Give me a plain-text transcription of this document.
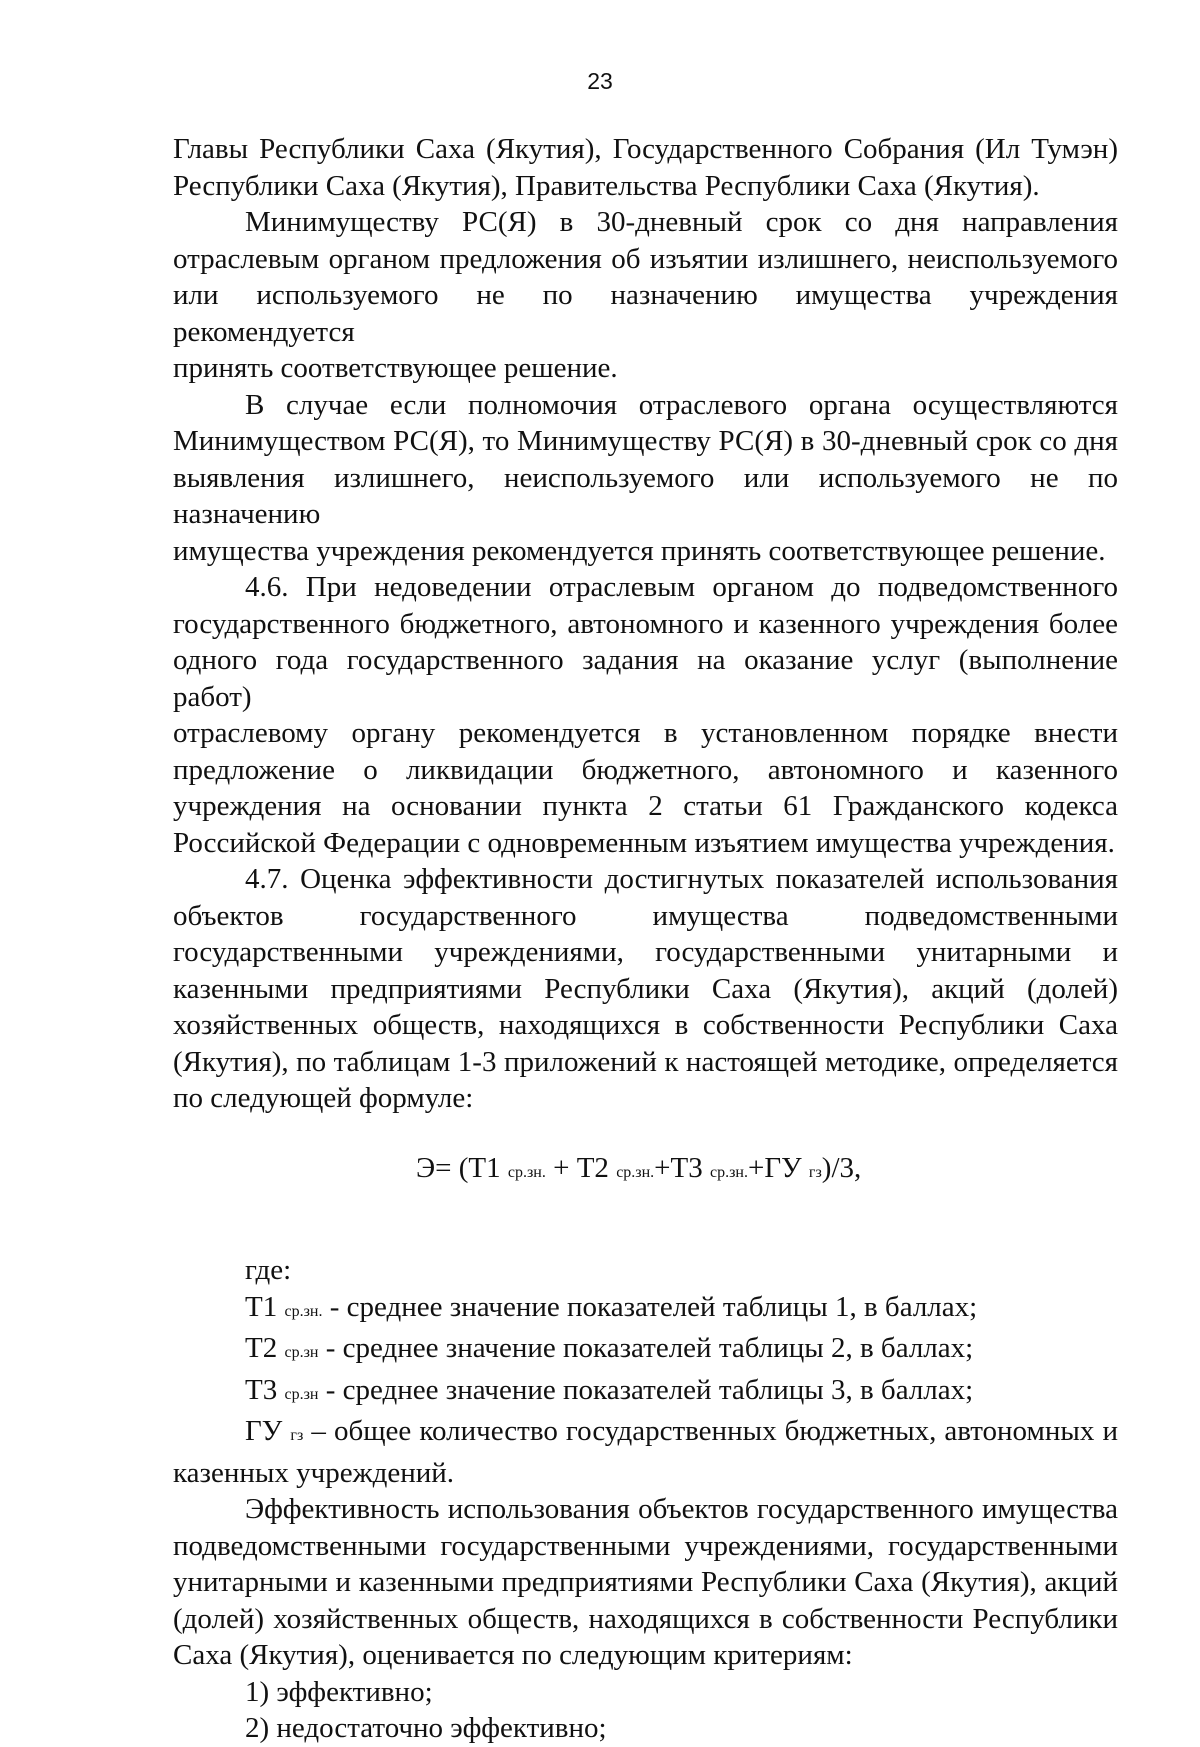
23

Главы Республики Саха (Якутия), Государственного Собрания (Ил Тумэн)

Республики Саха (Якутия), Правительства Республики Саха (Якутия).

Минимуществу РС(Я) в 30-дневный срок со дня направления

отраслевым органом предложения об изъятии излишнего, неиспользуемого

или используемого не по назначению имущества учреждения рекомендуется

принять соответствующее решение.

В случае если полномочия отраслевого органа осуществляются

Минимуществом РС(Я), то Минимуществу РС(Я) в 30-дневный срок со дня

выявления излишнего, неиспользуемого или используемого не по назначению

имущества учреждения рекомендуется принять соответствующее решение.

4.6. При недоведении отраслевым органом до подведомственного

государственного бюджетного, автономного и казенного учреждения более

одного года государственного задания на оказание услуг (выполнение работ)

отраслевому органу рекомендуется в установленном порядке внести

предложение о ликвидации бюджетного, автономного и казенного

учреждения на основании пункта 2 статьи 61 Гражданского кодекса

Российской Федерации с одновременным изъятием имущества учреждения.

4.7. Оценка эффективности достигнутых показателей использования

объектов государственного имущества подведомственными

государственными учреждениями, государственными унитарными и

казенными предприятиями Республики Саха (Якутия), акций (долей)

хозяйственных обществ, находящихся в собственности Республики Саха

(Якутия), по таблицам 1-3 приложений к настоящей методике, определяется

по следующей формуле:

Э= (Т1 ср.зн. + Т2 ср.зн.+Т3 ср.зн.+ГУ гз)/3,

где:

Т1 ср.зн. - среднее значение показателей таблицы 1, в баллах;

Т2 ср.зн - среднее значение показателей таблицы 2, в баллах;

Т3 ср.зн - среднее значение показателей таблицы 3, в баллах;

ГУ гз – общее количество государственных бюджетных, автономных и

казенных учреждений.

Эффективность использования объектов государственного имущества

подведомственными государственными учреждениями, государственными

унитарными и казенными предприятиями Республики Саха (Якутия), акций

(долей) хозяйственных обществ, находящихся в собственности Республики

Саха (Якутия), оценивается по следующим критериям:

1) эффективно;

2) недостаточно эффективно;
